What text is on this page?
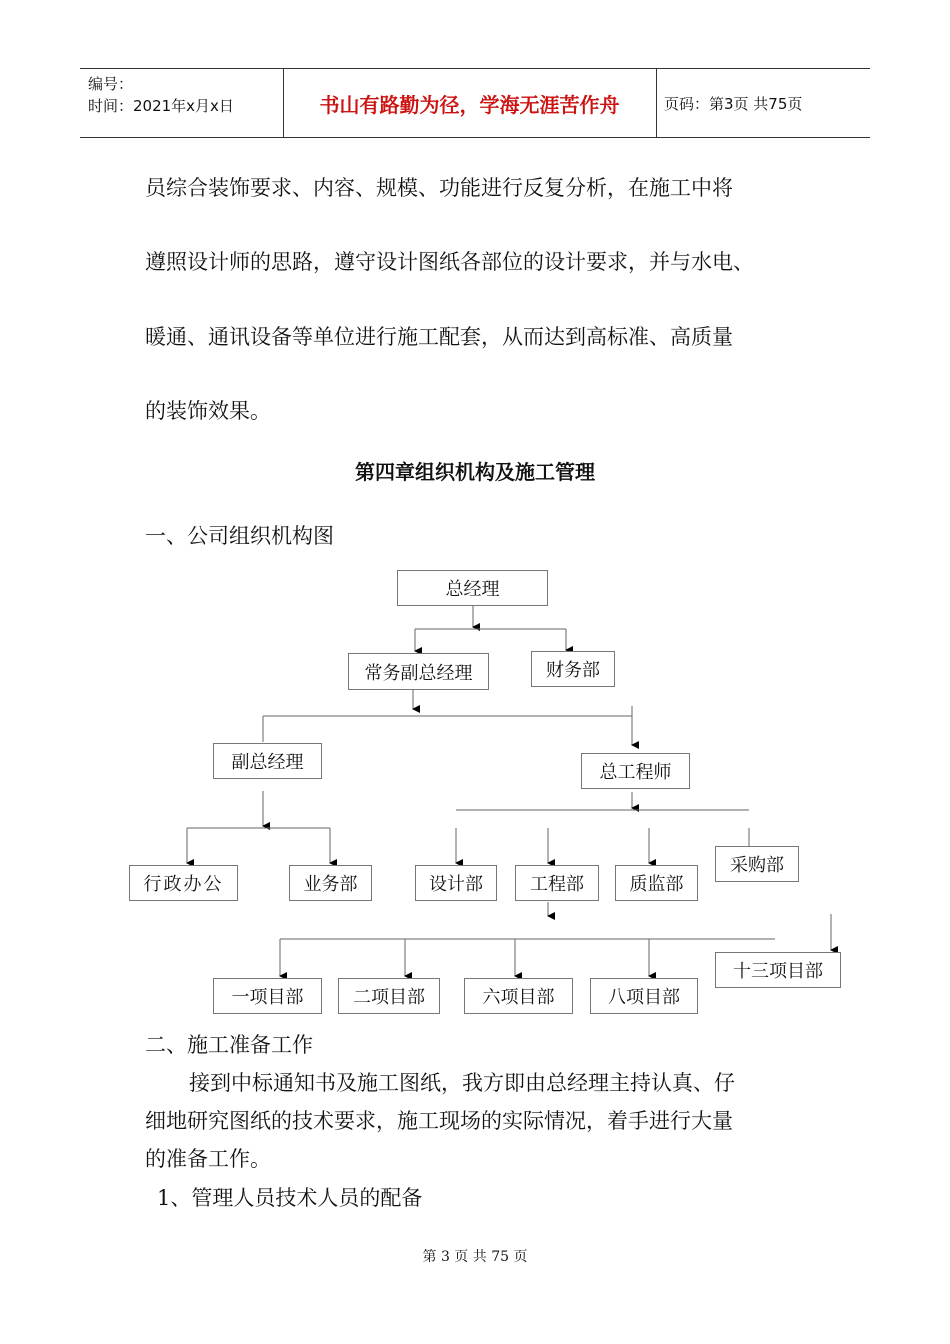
编号：
时间：2021年x月x日	书山有路勤为径，学海无涯苦作舟	页码：第3页 共75页
员综合装饰要求、内容、规模、功能进行反复分析，在施工中将
遵照设计师的思路，遵守设计图纸各部位的设计要求，并与水电、
暖通、通讯设备等单位进行施工配套，从而达到高标准、高质量
的装饰效果。
第四章组织机构及施工管理
一、公司组织机构图
总经理
常务副总经理	财务部
副总经理	总工程师
行政办公	业务部	设计部	工程部	质监部
采购部
一项目部	二项目部	六项目部	八项目部
十三项目部
二、施工准备工作
接到中标通知书及施工图纸，我方即由总经理主持认真、仔
细地研究图纸的技术要求，施工现场的实际情况，着手进行大量
的准备工作。
1、管理人员技术人员的配备
第 3 页 共 75 页
